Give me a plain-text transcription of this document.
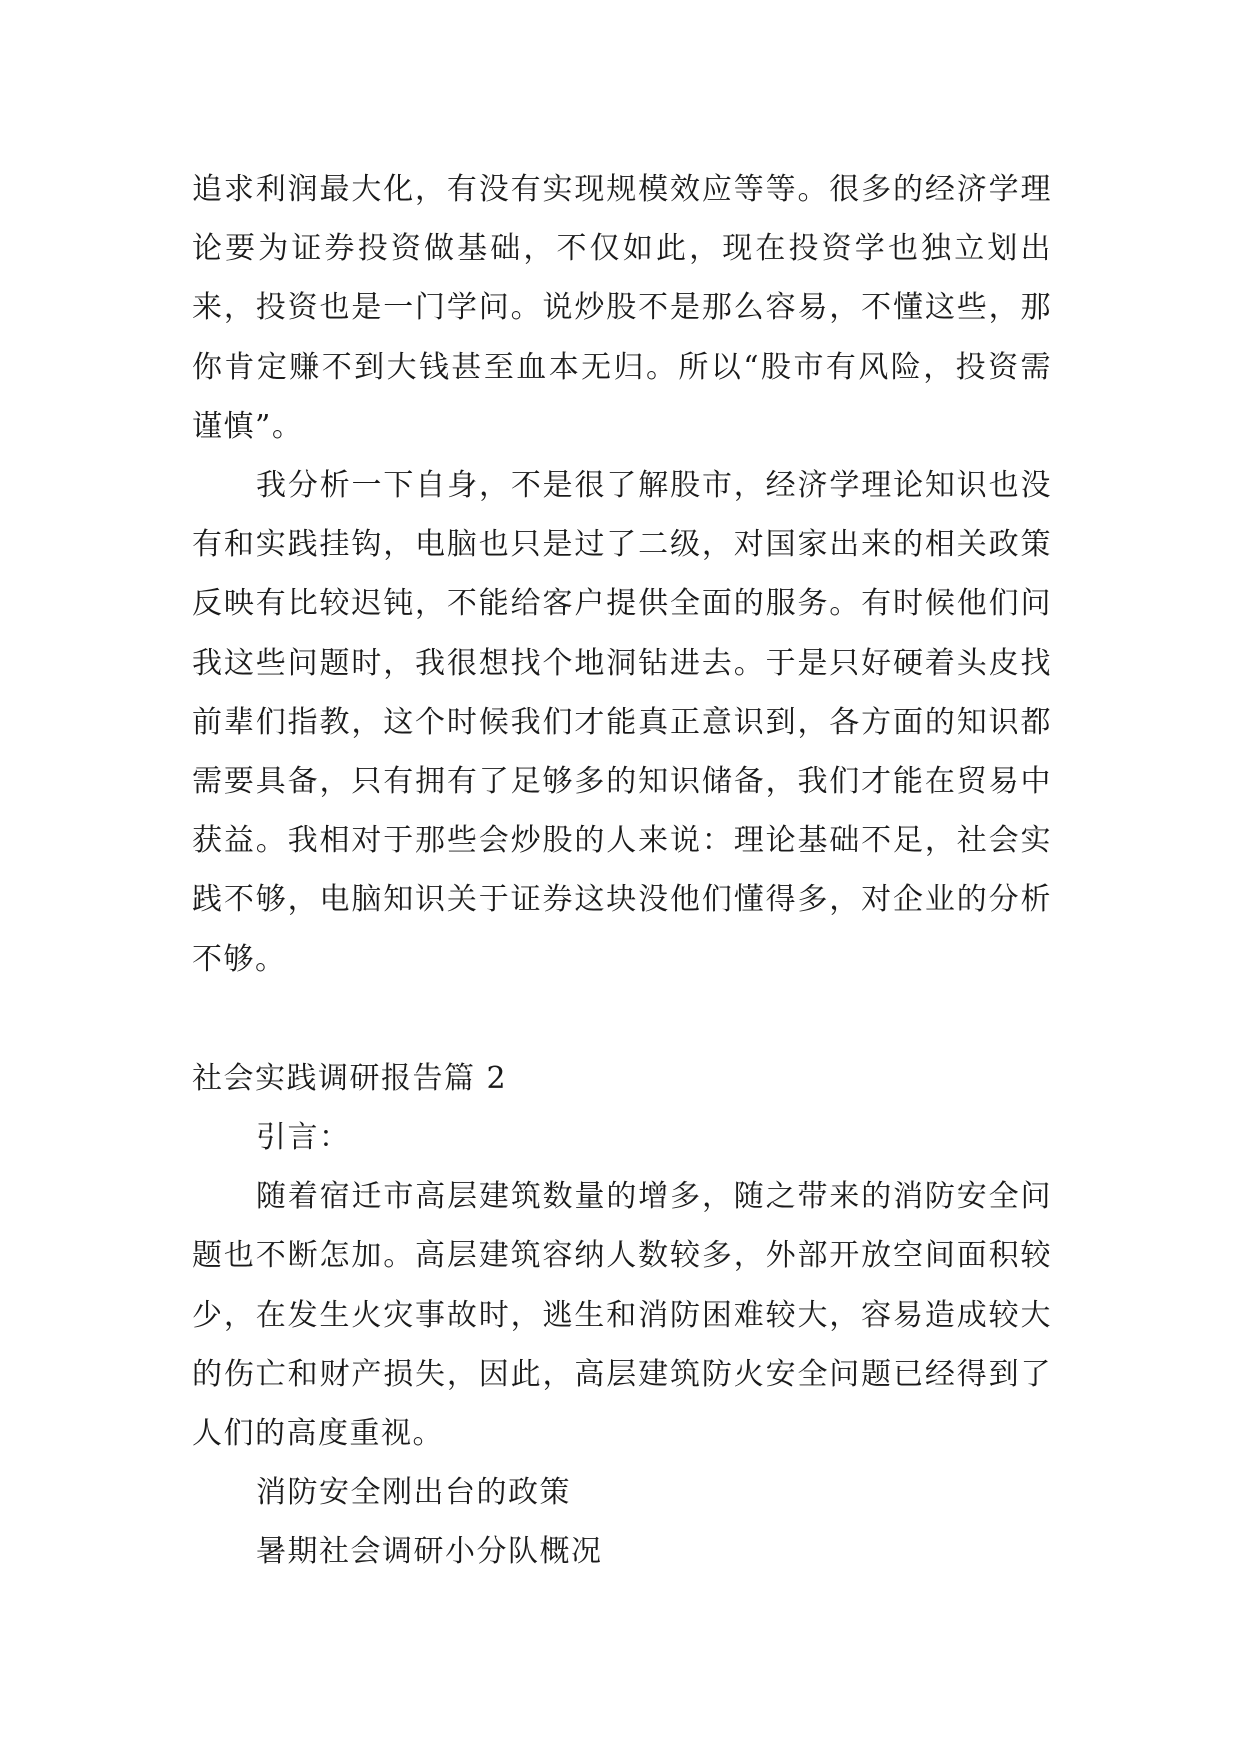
追求利润最大化，有没有实现规模效应等等。很多的经济学理论要为证券投资做基础，不仅如此，现在投资学也独立划出来，投资也是一门学问。说炒股不是那么容易，不懂这些，那你肯定赚不到大钱甚至血本无归。所以“股市有风险，投资需谨慎”。

我分析一下自身，不是很了解股市，经济学理论知识也没有和实践挂钩，电脑也只是过了二级，对国家出来的相关政策反映有比较迟钝，不能给客户提供全面的服务。有时候他们问我这些问题时，我很想找个地洞钻进去。于是只好硬着头皮找前辈们指教，这个时候我们才能真正意识到，各方面的知识都需要具备，只有拥有了足够多的知识储备，我们才能在贸易中获益。我相对于那些会炒股的人来说：理论基础不足，社会实践不够，电脑知识关于证券这块没他们懂得多，对企业的分析不够。

社会实践调研报告篇 2

引言：

随着宿迁市高层建筑数量的增多，随之带来的消防安全问题也不断怎加。高层建筑容纳人数较多，外部开放空间面积较少，在发生火灾事故时，逃生和消防困难较大，容易造成较大的伤亡和财产损失，因此，高层建筑防火安全问题已经得到了人们的高度重视。

消防安全刚出台的政策

暑期社会调研小分队概况
